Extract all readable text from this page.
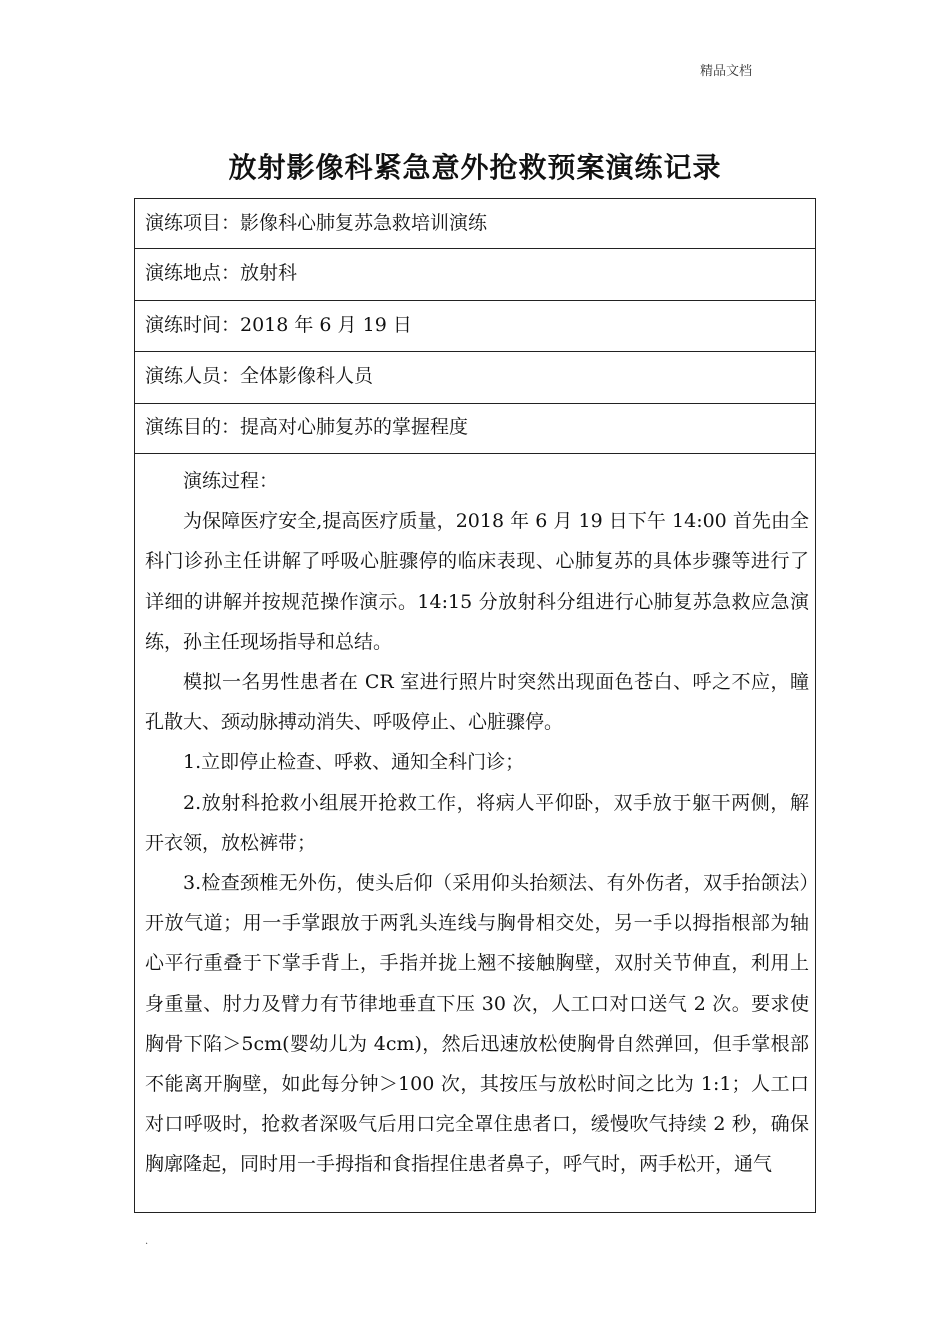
精品文档
放射影像科紧急意外抢救预案演练记录
演练项目：影像科心肺复苏急救培训演练
演练地点：放射科
演练时间：2018 年 6 月 19 日
演练人员：全体影像科人员
演练目的：提高对心肺复苏的掌握程度

演练过程：

为保障医疗安全,提高医疗质量，2018 年 6 月 19 日下午 14:00 首先由全科门诊孙主任讲解了呼吸心脏骤停的临床表现、心肺复苏的具体步骤等进行了详细的讲解并按规范操作演示。14:15 分放射科分组进行心肺复苏急救应急演练，孙主任现场指导和总结。

模拟一名男性患者在 CR 室进行照片时突然出现面色苍白、呼之不应，瞳孔散大、颈动脉搏动消失、呼吸停止、心脏骤停。

1.立即停止检查、呼救、通知全科门诊；

2.放射科抢救小组展开抢救工作，将病人平仰卧，双手放于躯干两侧，解开衣领，放松裤带；

3.检查颈椎无外伤，使头后仰（采用仰头抬颏法、有外伤者，双手抬颌法）开放气道；用一手掌跟放于两乳头连线与胸骨相交处，另一手以拇指根部为轴心平行重叠于下掌手背上，手指并拢上翘不接触胸壁，双肘关节伸直，利用上身重量、肘力及臂力有节律地垂直下压 30 次，人工口对口送气 2 次。要求使胸骨下陷＞5cm(婴幼儿为 4cm)，然后迅速放松使胸骨自然弹回，但手掌根部不能离开胸壁，如此每分钟＞100 次，其按压与放松时间之比为 1:1；人工口对口呼吸时，抢救者深吸气后用口完全罩住患者口，缓慢吹气持续 2 秒，确保胸廓隆起，同时用一手拇指和食指捏住患者鼻子，呼气时，两手松开，通气

.
